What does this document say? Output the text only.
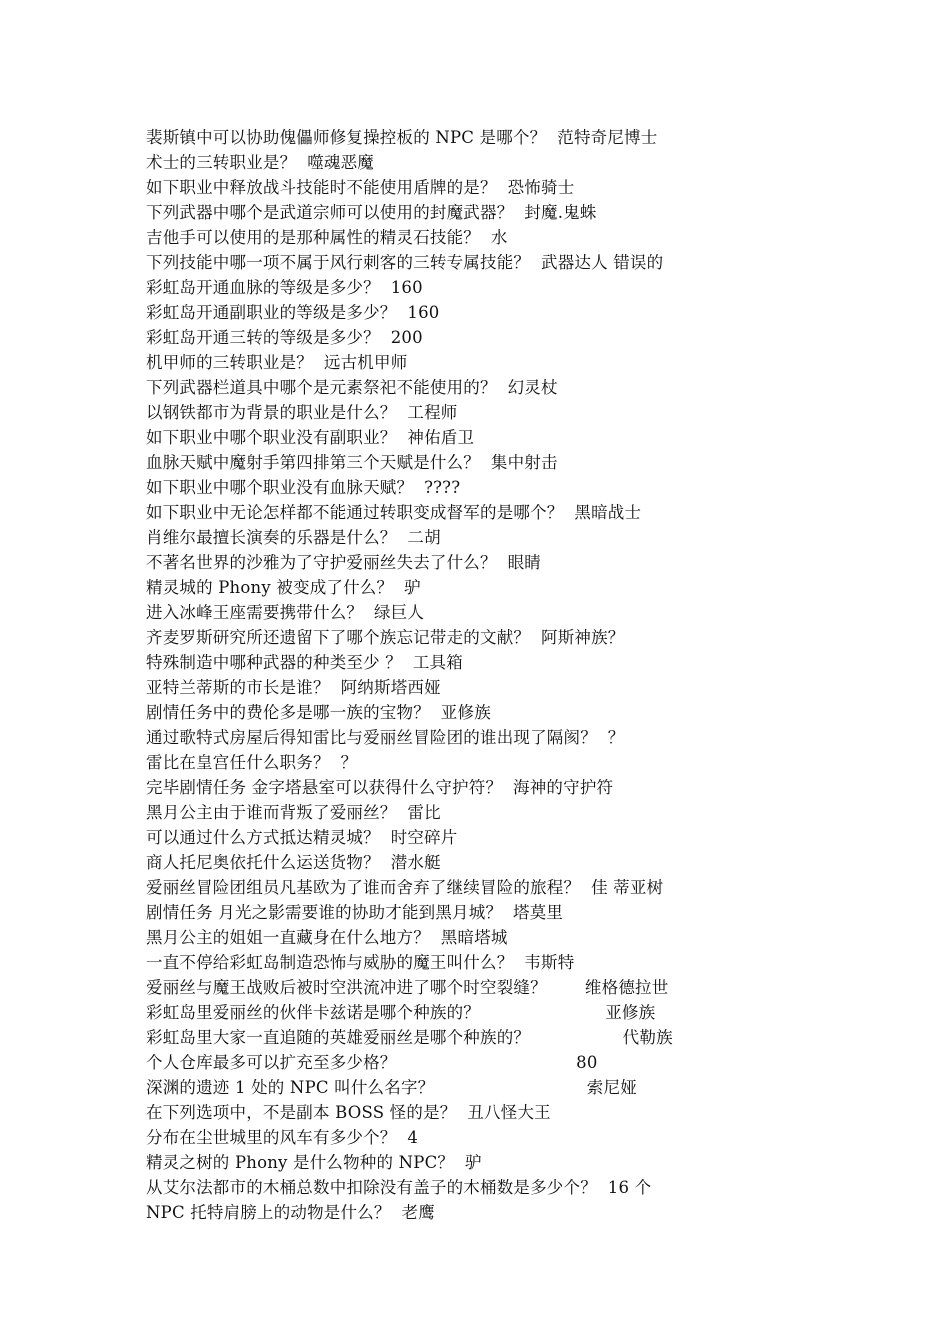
裴斯镇中可以协助傀儡师修复操控板的 NPC 是哪个？  范特奇尼博士
术士的三转职业是？  噬魂恶魔
如下职业中释放战斗技能时不能使用盾牌的是？  恐怖骑士
下列武器中哪个是武道宗师可以使用的封魔武器？  封魔.鬼蛛
吉他手可以使用的是那种属性的精灵石技能？  水
下列技能中哪一项不属于风行刺客的三转专属技能？  武器达人 错误的
彩虹岛开通血脉的等级是多少？  160
彩虹岛开通副职业的等级是多少？  160
彩虹岛开通三转的等级是多少？  200
机甲师的三转职业是？  远古机甲师
下列武器栏道具中哪个是元素祭祀不能使用的？  幻灵杖
以钢铁都市为背景的职业是什么？  工程师
如下职业中哪个职业没有副职业？  神佑盾卫
血脉天赋中魔射手第四排第三个天赋是什么？  集中射击
如下职业中哪个职业没有血脉天赋？  ????
如下职业中无论怎样都不能通过转职变成督军的是哪个？  黑暗战士
肖维尔最擅长演奏的乐器是什么？  二胡
不著名世界的沙雅为了守护爱丽丝失去了什么？  眼睛
精灵城的 Phony 被变成了什么？  驴
进入冰峰王座需要携带什么？  绿巨人
齐麦罗斯研究所还遗留下了哪个族忘记带走的文献？  阿斯神族？
特殊制造中哪种武器的种类至少 ？  工具箱
亚特兰蒂斯的市长是谁？  阿纳斯塔西娅
剧情任务中的费伦多是哪一族的宝物？  亚修族
通过歌特式房屋后得知雷比与爱丽丝冒险团的谁出现了隔阂？  ？
雷比在皇宫任什么职务？  ？
完毕剧情任务 金字塔悬室可以获得什么守护符？  海神的守护符
黑月公主由于谁而背叛了爱丽丝？  雷比
可以通过什么方式抵达精灵城？  时空碎片
商人托尼奥依托什么运送货物？  潜水艇
爱丽丝冒险团组员凡基欧为了谁而舍弃了继续冒险的旅程？  佳 蒂亚树
剧情任务 月光之影需要谁的协助才能到黑月城？  塔莫里
黑月公主的姐姐一直藏身在什么地方？  黑暗塔城
一直不停给彩虹岛制造恐怖与威胁的魔王叫什么？  韦斯特
爱丽丝与魔王战败后被时空洪流冲进了哪个时空裂缝？       维格德拉世
彩虹岛里爱丽丝的伙伴卡兹诺是哪个种族的？                       亚修族
彩虹岛里大家一直追随的英雄爱丽丝是哪个种族的？                 代勒族
个人仓库最多可以扩充至多少格？                                 80
深渊的遗迹 1 处的 NPC 叫什么名字？                            索尼娅
在下列选项中，不是副本 BOSS 怪的是？  丑八怪大王
分布在尘世城里的风车有多少个？  4
精灵之树的 Phony 是什么物种的 NPC？  驴
从艾尔法都市的木桶总数中扣除没有盖子的木桶数是多少个？  16 个
NPC 托特肩膀上的动物是什么？  老鹰
